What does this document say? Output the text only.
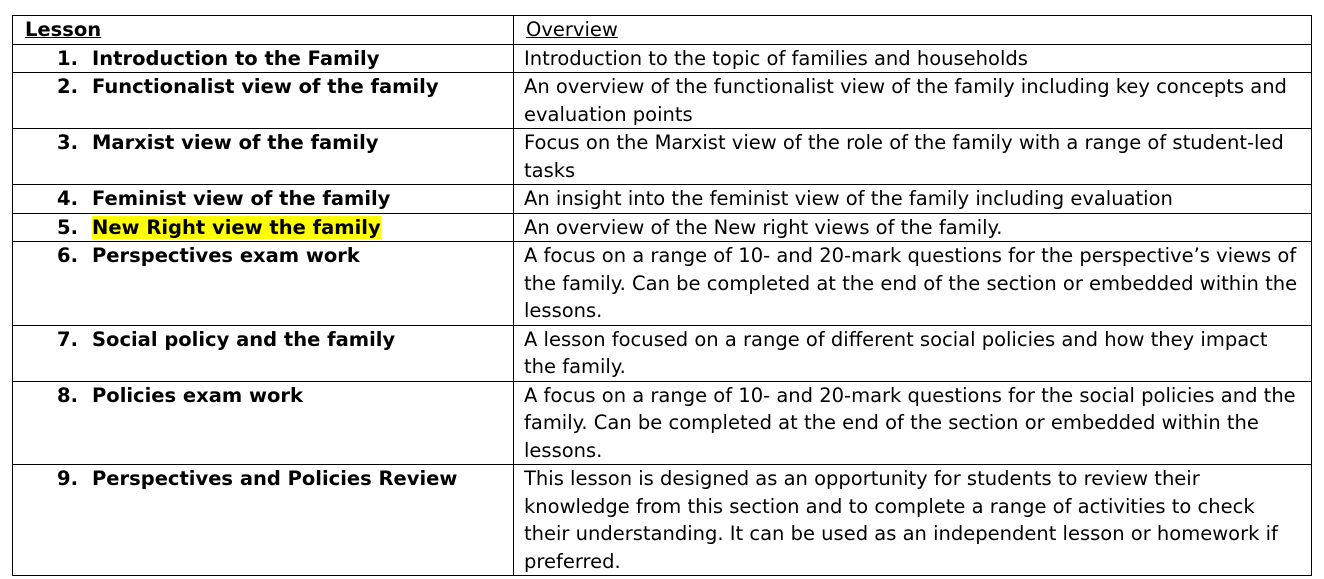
Lesson	Overview
1. Introduction to the Family	Introduction to the topic of families and households
2. Functionalist view of the family	An overview of the functionalist view of the family including key concepts and evaluation points
3. Marxist view of the family	Focus on the Marxist view of the role of the family with a range of student-led tasks
4. Feminist view of the family	An insight into the feminist view of the family including evaluation
5. New Right view the family	An overview of the New right views of the family.
6. Perspectives exam work	A focus on a range of 10- and 20-mark questions for the perspective’s views of the family. Can be completed at the end of the section or embedded within the lessons.
7. Social policy and the family	A lesson focused on a range of different social policies and how they impact the family.
8. Policies exam work	A focus on a range of 10- and 20-mark questions for the social policies and the family. Can be completed at the end of the section or embedded within the lessons.
9. Perspectives and Policies Review	This lesson is designed as an opportunity for students to review their knowledge from this section and to complete a range of activities to check their understanding. It can be used as an independent lesson or homework if preferred.
